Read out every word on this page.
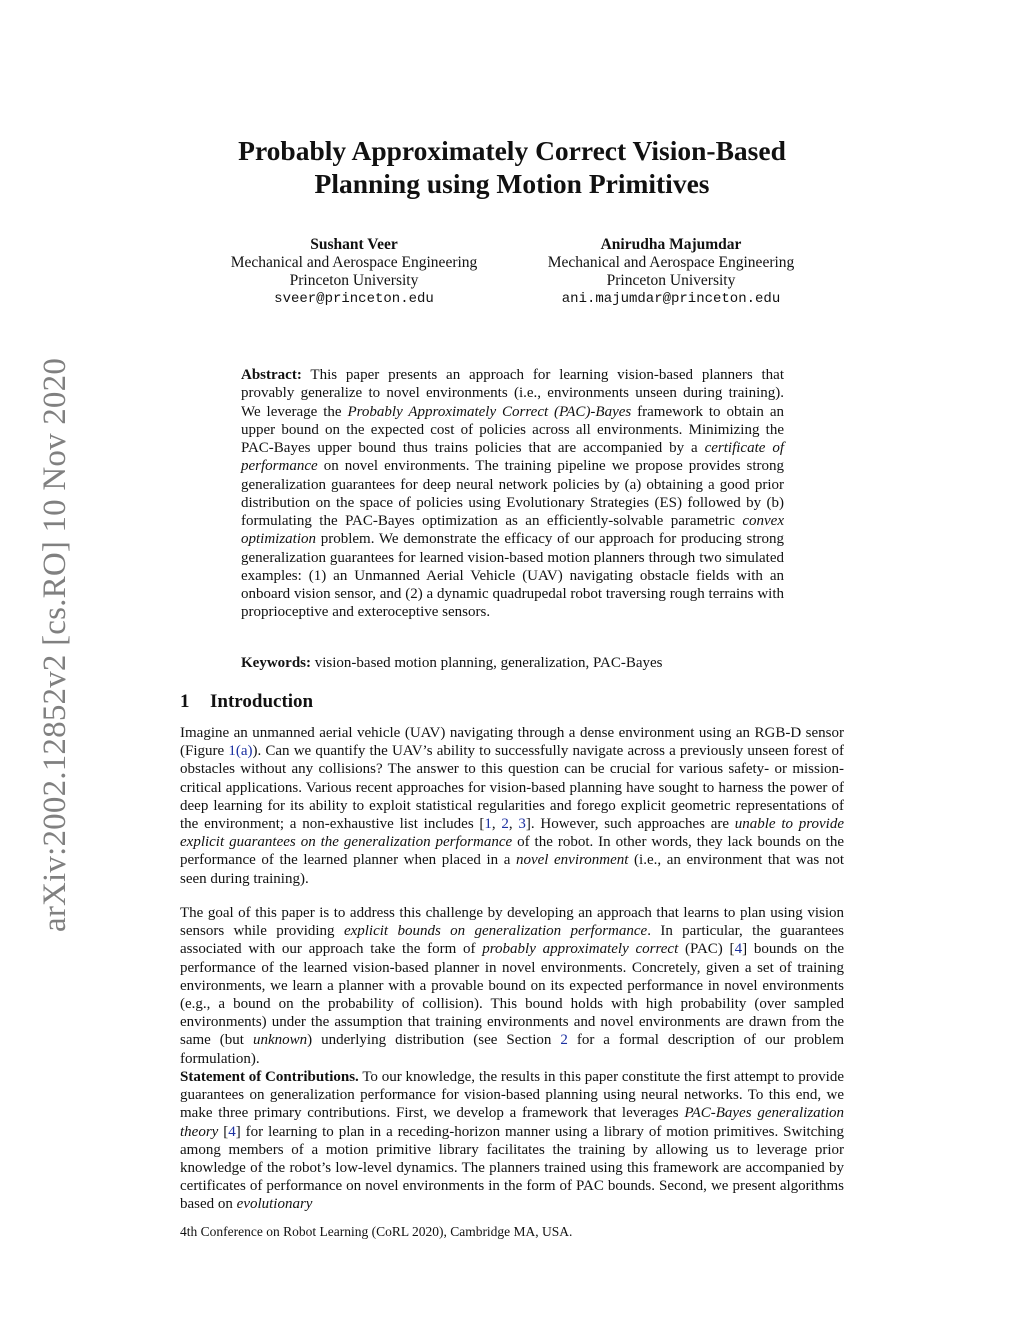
arXiv:2002.12852v2 [cs.RO] 10 Nov 2020
Probably Approximately Correct Vision-Based
Planning using Motion Primitives
Sushant Veer
Mechanical and Aerospace Engineering
Princeton University
sveer@princeton.edu
Anirudha Majumdar
Mechanical and Aerospace Engineering
Princeton University
ani.majumdar@princeton.edu
Abstract: This paper presents an approach for learning vision-based planners that provably generalize to novel environments (i.e., environments unseen during training). We leverage the Probably Approximately Correct (PAC)-Bayes framework to obtain an upper bound on the expected cost of policies across all environments. Minimizing the PAC-Bayes upper bound thus trains policies that are accompanied by a certificate of performance on novel environments. The training pipeline we propose provides strong generalization guarantees for deep neural network policies by (a) obtaining a good prior distribution on the space of policies using Evolutionary Strategies (ES) followed by (b) formulating the PAC-Bayes optimization as an efficiently-solvable parametric convex optimization problem. We demonstrate the efficacy of our approach for producing strong generalization guarantees for learned vision-based motion planners through two simulated examples: (1) an Unmanned Aerial Vehicle (UAV) navigating obstacle fields with an onboard vision sensor, and (2) a dynamic quadrupedal robot traversing rough terrains with proprioceptive and exteroceptive sensors.
Keywords: vision-based motion planning, generalization, PAC-Bayes
1 Introduction
Imagine an unmanned aerial vehicle (UAV) navigating through a dense environment using an RGB-D sensor (Figure 1(a)). Can we quantify the UAV’s ability to successfully navigate across a previously unseen forest of obstacles without any collisions? The answer to this question can be crucial for various safety- or mission-critical applications. Various recent approaches for vision-based planning have sought to harness the power of deep learning for its ability to exploit statistical regularities and forego explicit geometric representations of the environment; a non-exhaustive list includes [1, 2, 3]. However, such approaches are unable to provide explicit guarantees on the generalization performance of the robot. In other words, they lack bounds on the performance of the learned planner when placed in a novel environment (i.e., an environment that was not seen during training).
The goal of this paper is to address this challenge by developing an approach that learns to plan using vision sensors while providing explicit bounds on generalization performance. In particular, the guarantees associated with our approach take the form of probably approximately correct (PAC) [4] bounds on the performance of the learned vision-based planner in novel environments. Concretely, given a set of training environments, we learn a planner with a provable bound on its expected performance in novel environments (e.g., a bound on the probability of collision). This bound holds with high probability (over sampled environments) under the assumption that training environments and novel environments are drawn from the same (but unknown) underlying distribution (see Section 2 for a formal description of our problem formulation).
Statement of Contributions. To our knowledge, the results in this paper constitute the first attempt to provide guarantees on generalization performance for vision-based planning using neural networks. To this end, we make three primary contributions. First, we develop a framework that leverages PAC-Bayes generalization theory [4] for learning to plan in a receding-horizon manner using a library of motion primitives. Switching among members of a motion primitive library facilitates the training by allowing us to leverage prior knowledge of the robot’s low-level dynamics. The planners trained using this framework are accompanied by certificates of performance on novel environments in the form of PAC bounds. Second, we present algorithms based on evolutionary
4th Conference on Robot Learning (CoRL 2020), Cambridge MA, USA.
